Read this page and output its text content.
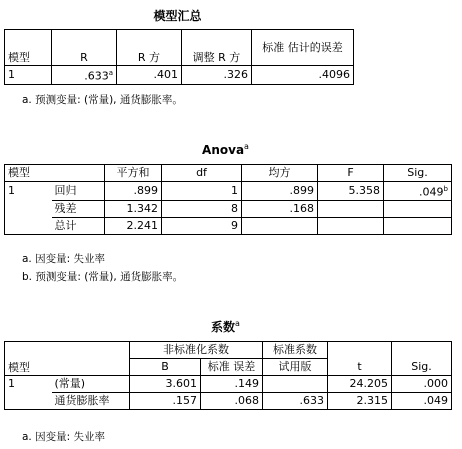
模型汇总
模型	R	R 方	调整 R 方	标准 估计的误差
1	.633$^a$	.401	.326	.4096
a. 预测变量: (常量), 通货膨胀率。
Anova$^a$
模型		平方和	df	均方	F	Sig.
1	回归	.899	1	.899	5.358	.049$^b$
	残差	1.342	8	.168		
	总计	2.241	9			
a. 因变量: 失业率
b. 预测变量: (常量), 通货膨胀率。
系数$^a$
		非标准化系数		标准系数		
模型		B	标准 误差	试用版	t	Sig.
1	(常量)	3.601	.149		24.205	.000
	通货膨胀率	.157	.068	.633	2.315	.049
a. 因变量: 失业率
